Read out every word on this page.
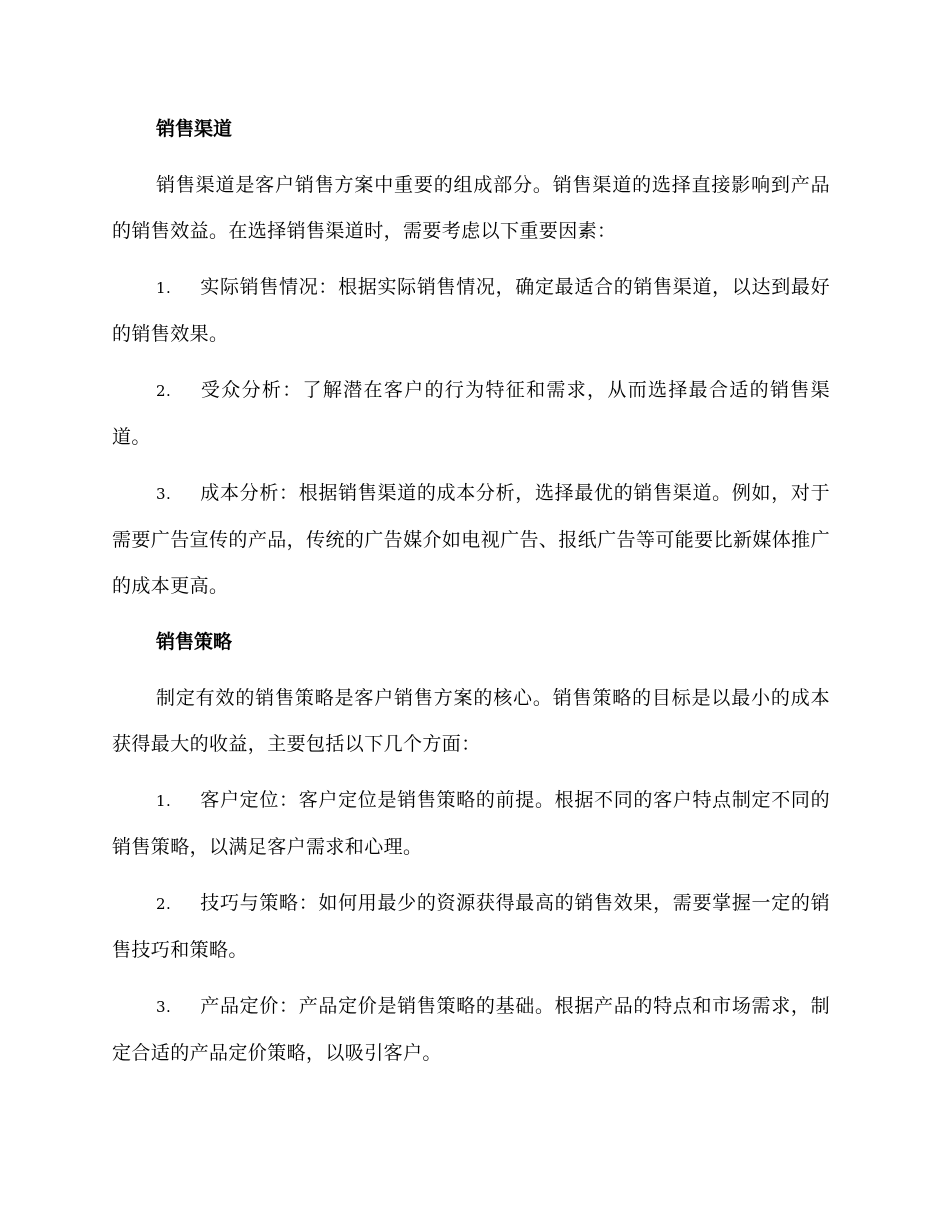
销售渠道

销售渠道是客户销售方案中重要的组成部分。销售渠道的选择直接影响到产品的销售效益。在选择销售渠道时，需要考虑以下重要因素：

1. 实际销售情况：根据实际销售情况，确定最适合的销售渠道，以达到最好的销售效果。

2. 受众分析：了解潜在客户的行为特征和需求，从而选择最合适的销售渠道。

3. 成本分析：根据销售渠道的成本分析，选择最优的销售渠道。例如，对于需要广告宣传的产品，传统的广告媒介如电视广告、报纸广告等可能要比新媒体推广的成本更高。

销售策略

制定有效的销售策略是客户销售方案的核心。销售策略的目标是以最小的成本获得最大的收益，主要包括以下几个方面：

1. 客户定位：客户定位是销售策略的前提。根据不同的客户特点制定不同的销售策略，以满足客户需求和心理。

2. 技巧与策略：如何用最少的资源获得最高的销售效果，需要掌握一定的销售技巧和策略。

3. 产品定价：产品定价是销售策略的基础。根据产品的特点和市场需求，制定合适的产品定价策略，以吸引客户。
